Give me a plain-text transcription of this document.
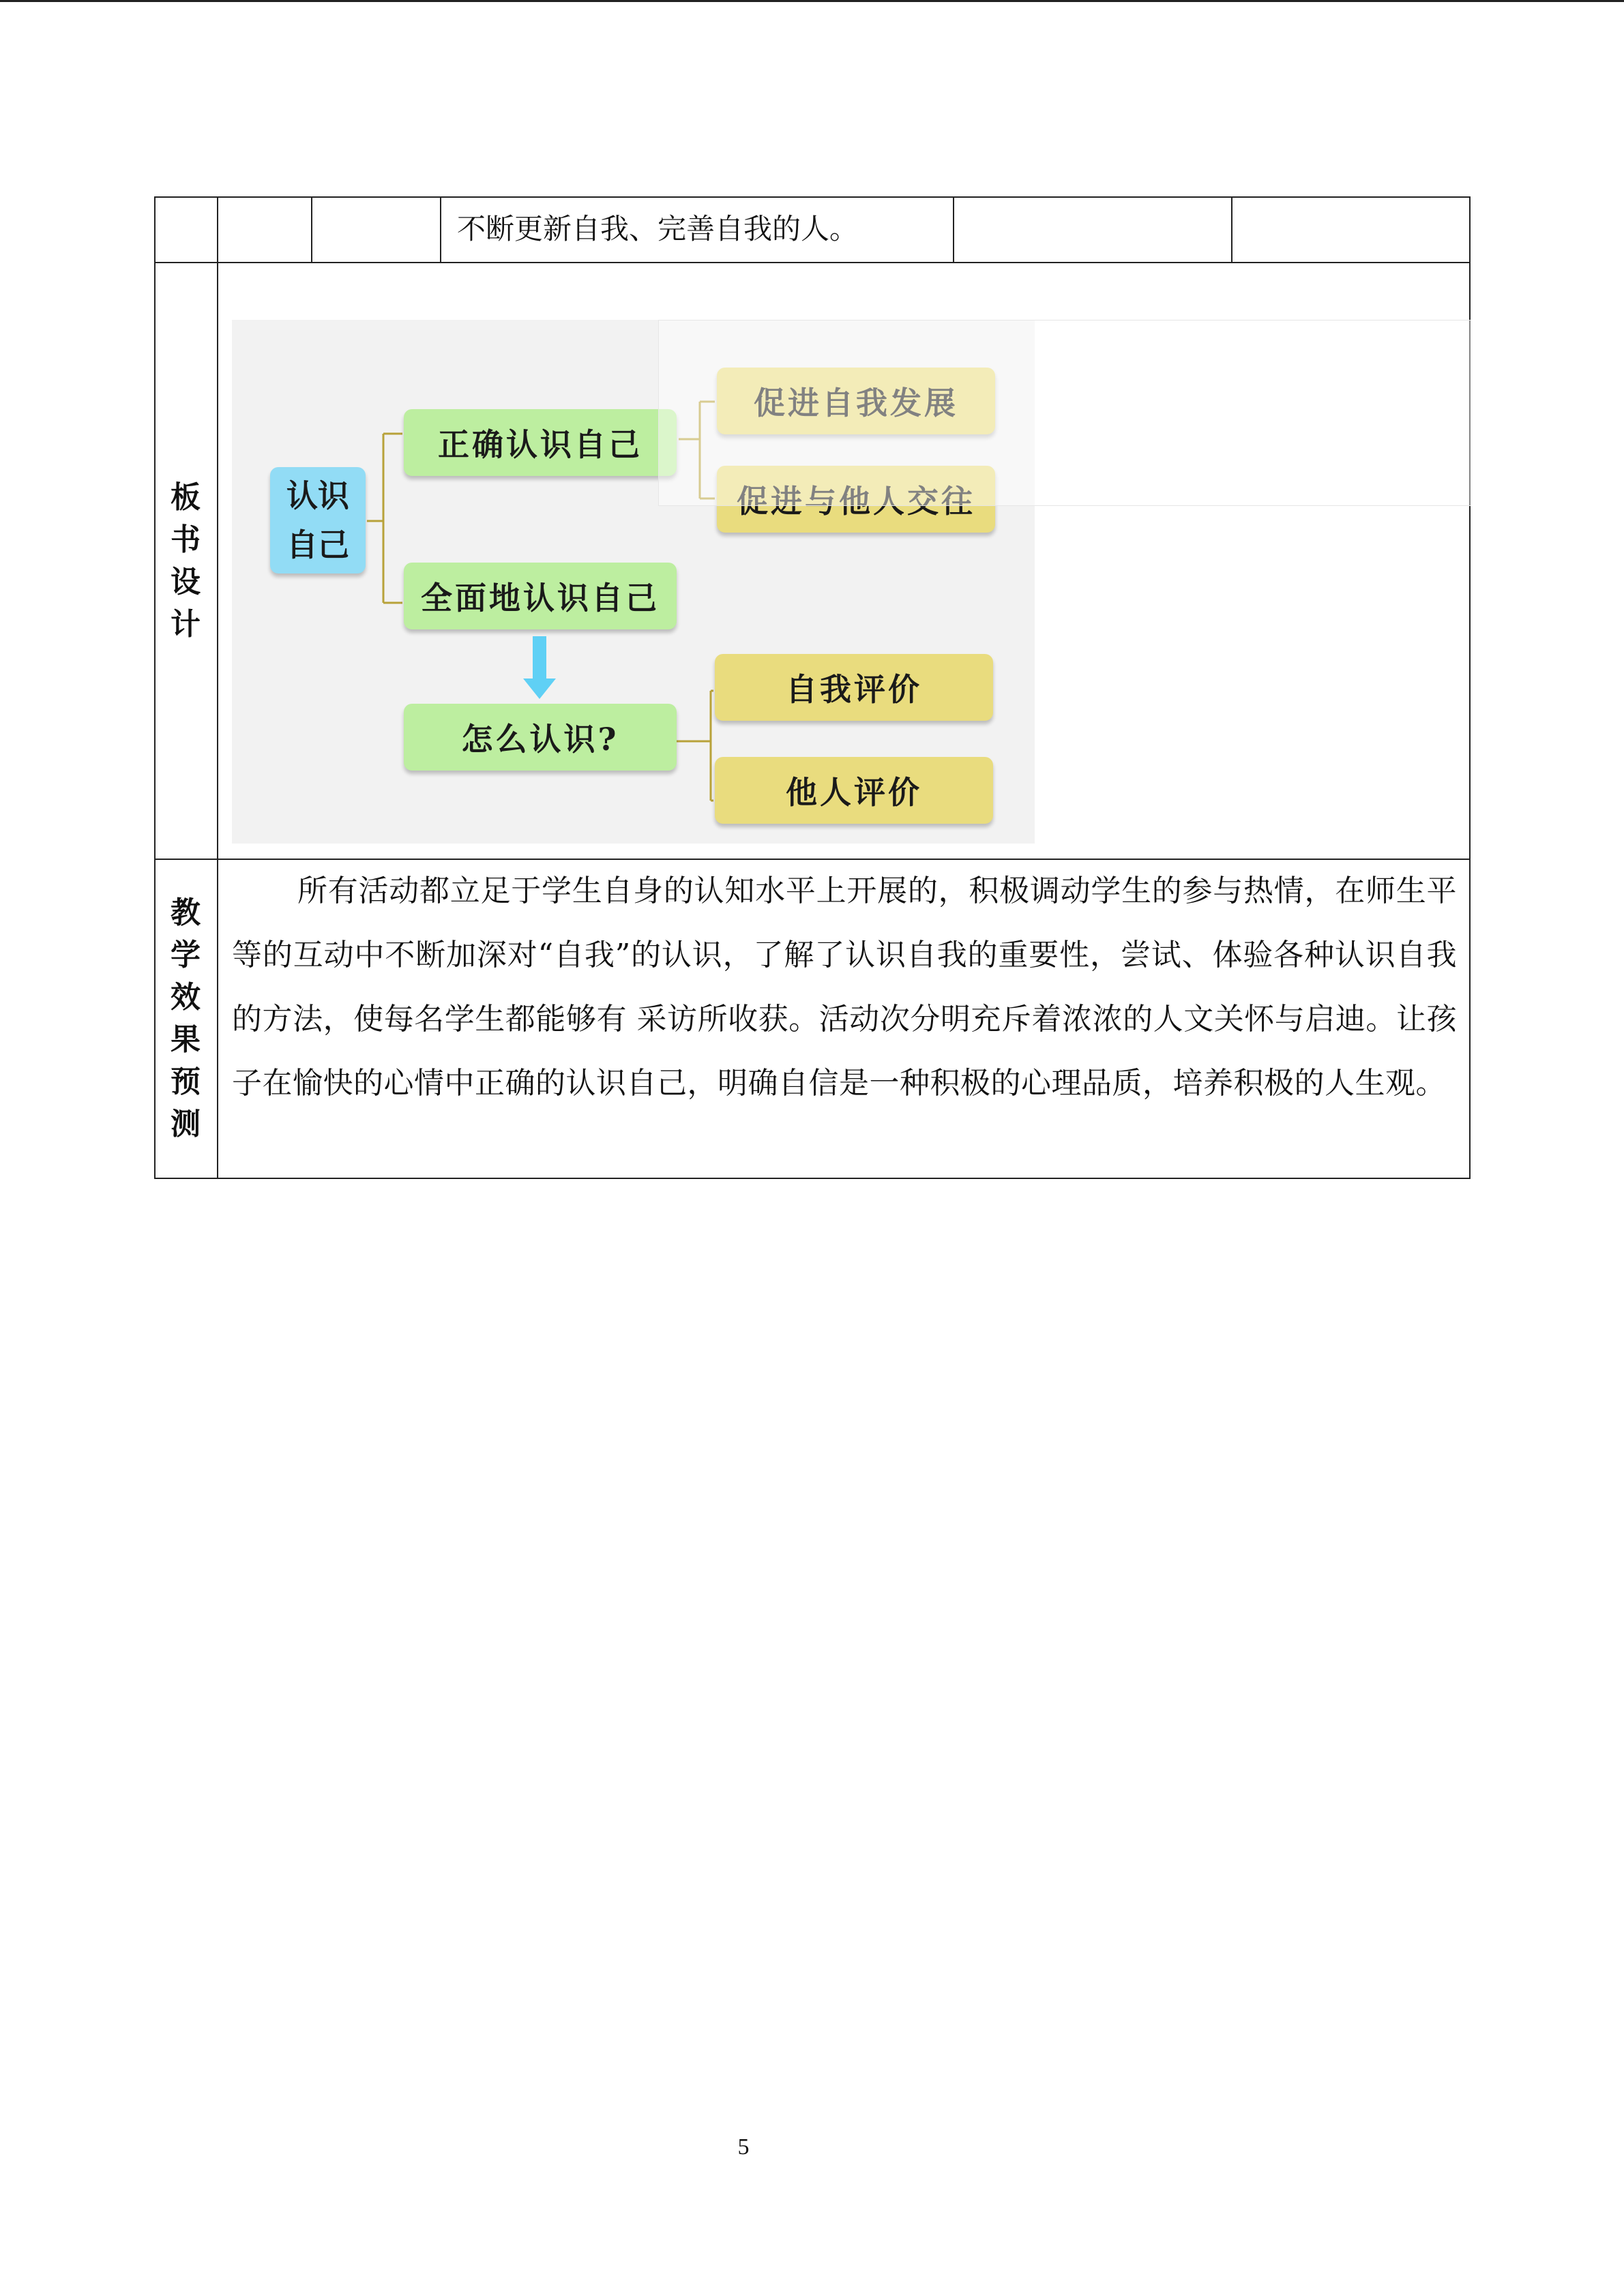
不断更新自我、完善自我的人。
板
书
设
计
认识
自己
正确认识自己
促进自我发展
促进与他人交往
全面地认识自己
怎么认识?
自我评价
他人评价
教
学
效
果
预
测
所有活动都立足于学生自身的认知水平上开展的，积极调动学生的参与热情，在师生平等的互动中不断加深对“自我”的认识，了解了认识自我的重要性，尝试、体验各种认识自我的方法，使每名学生都能够有 采访所收获。活动次分明充斥着浓浓的人文关怀与启迪。让孩子在愉快的心情中正确的认识自己，明确自信是一种积极的心理品质，培养积极的人生观。
5
